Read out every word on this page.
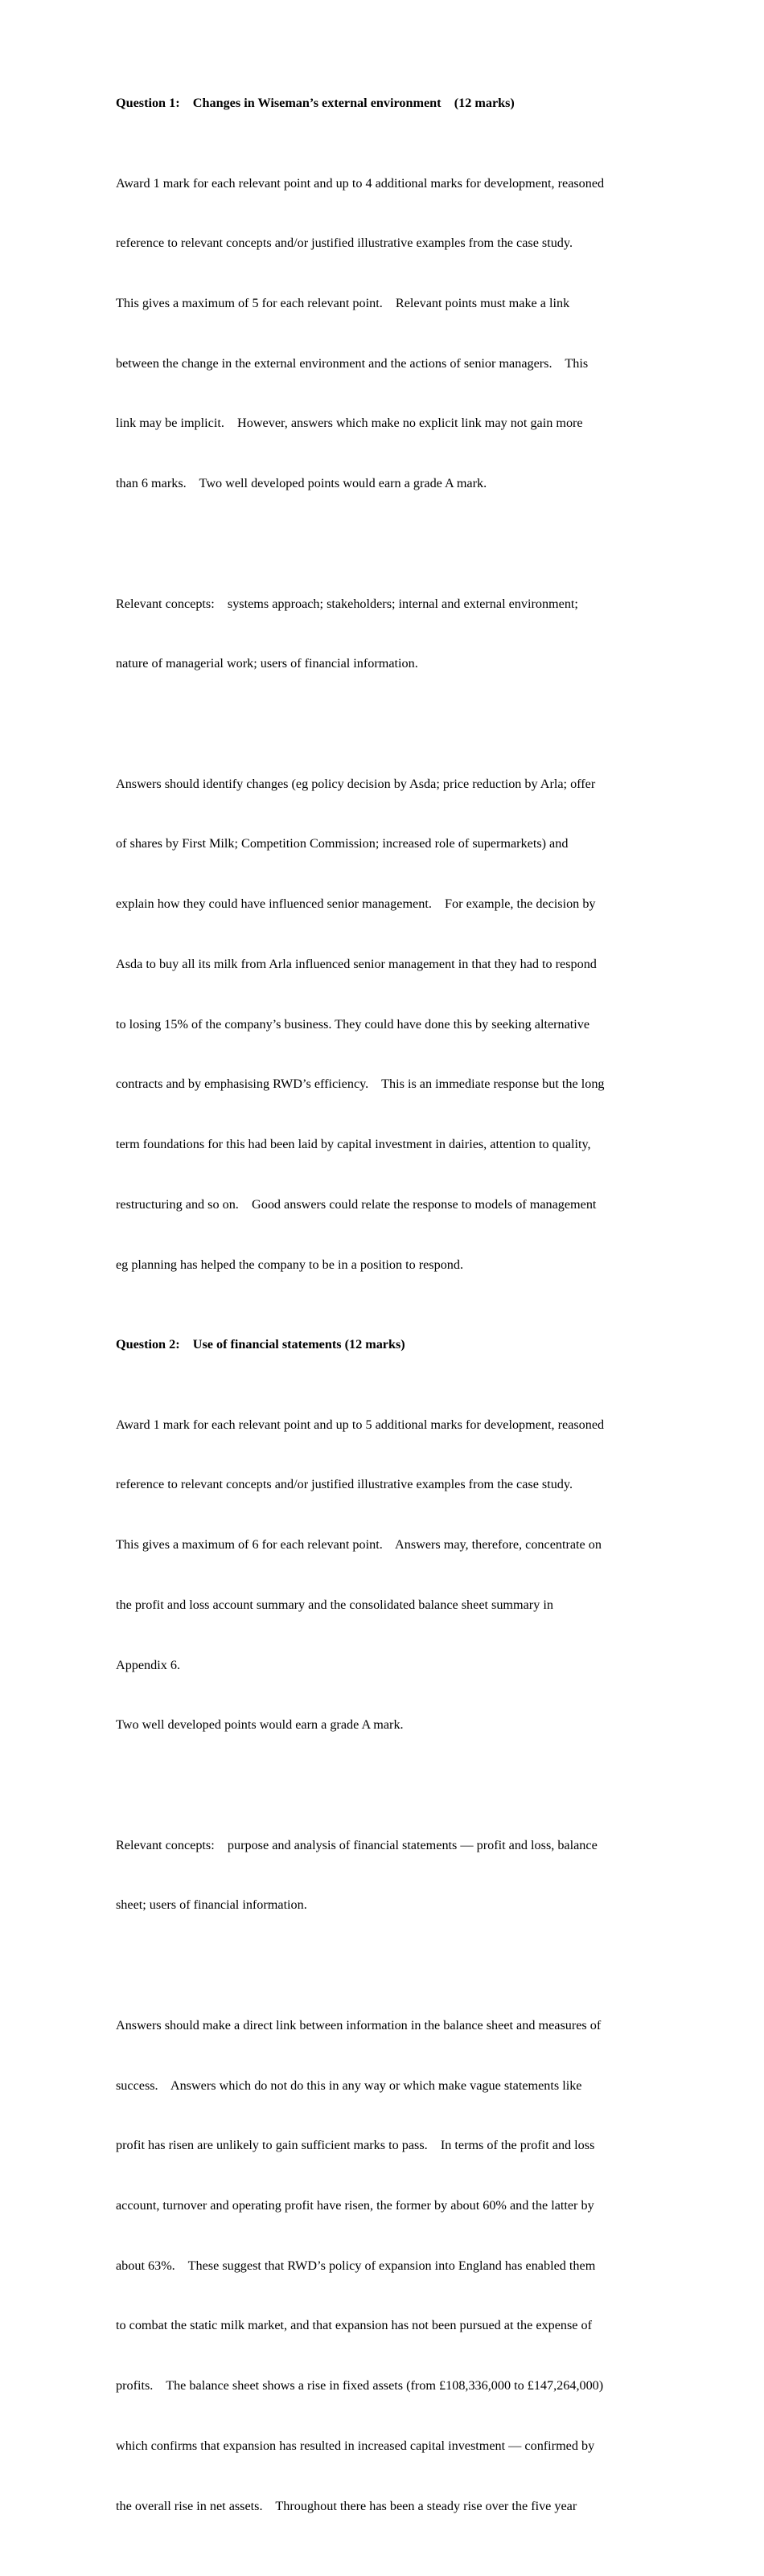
Question 1:    Changes in Wiseman’s external environment    (12 marks)

Award 1 mark for each relevant point and up to 4 additional marks for development, reasoned

reference to relevant concepts and/or justified illustrative examples from the case study.

This gives a maximum of 5 for each relevant point.    Relevant points must make a link

between the change in the external environment and the actions of senior managers.    This

link may be implicit.    However, answers which make no explicit link may not gain more

than 6 marks.    Two well developed points would earn a grade A mark.

Relevant concepts:    systems approach; stakeholders; internal and external environment;

nature of managerial work; users of financial information.

Answers should identify changes (eg policy decision by Asda; price reduction by Arla; offer

of shares by First Milk; Competition Commission; increased role of supermarkets) and

explain how they could have influenced senior management.    For example, the decision by

Asda to buy all its milk from Arla influenced senior management in that they had to respond

to losing 15% of the company’s business. They could have done this by seeking alternative

contracts and by emphasising RWD’s efficiency.    This is an immediate response but the long

term foundations for this had been laid by capital investment in dairies, attention to quality,

restructuring and so on.    Good answers could relate the response to models of management

eg planning has helped the company to be in a position to respond.

Question 2:    Use of financial statements (12 marks)

Award 1 mark for each relevant point and up to 5 additional marks for development, reasoned

reference to relevant concepts and/or justified illustrative examples from the case study.

This gives a maximum of 6 for each relevant point.    Answers may, therefore, concentrate on

the profit and loss account summary and the consolidated balance sheet summary in

Appendix 6.

Two well developed points would earn a grade A mark.

Relevant concepts:    purpose and analysis of financial statements — profit and loss, balance

sheet; users of financial information.

Answers should make a direct link between information in the balance sheet and measures of

success.    Answers which do not do this in any way or which make vague statements like

profit has risen are unlikely to gain sufficient marks to pass.    In terms of the profit and loss

account, turnover and operating profit have risen, the former by about 60% and the latter by

about 63%.    These suggest that RWD’s policy of expansion into England has enabled them

to combat the static milk market, and that expansion has not been pursued at the expense of

profits.    The balance sheet shows a rise in fixed assets (from £108,336,000 to £147,264,000)

which confirms that expansion has resulted in increased capital investment — confirmed by

the overall rise in net assets.    Throughout there has been a steady rise over the five year
